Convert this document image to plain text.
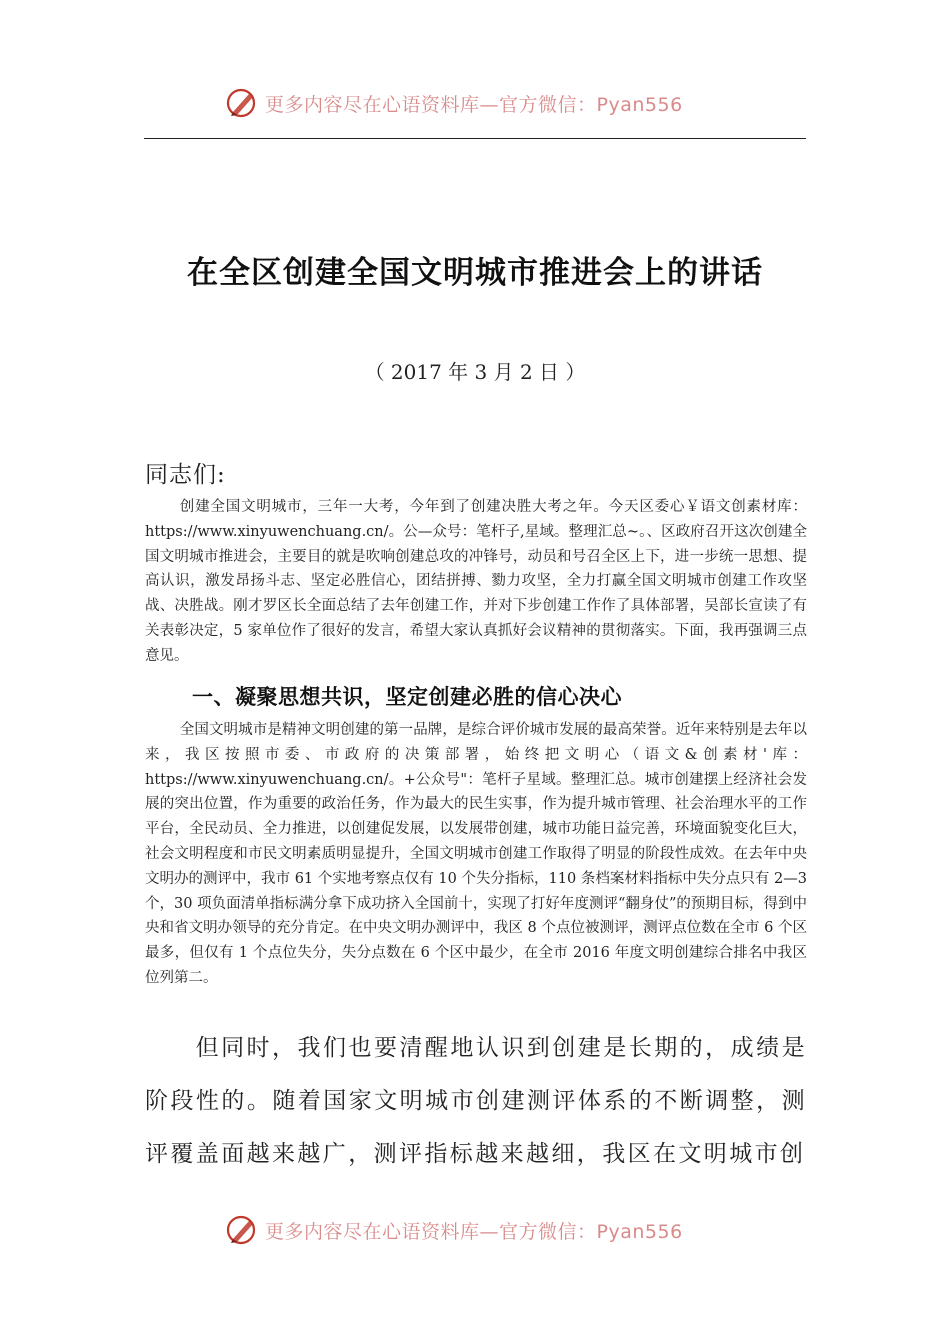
更多内容尽在心语资料库—官方微信：Pyan556
在全区创建全国文明城市推进会上的讲话
（ 2017 年 3 月 2 日 ）
同志们:

创建全国文明城市，三年一大考，今年到了创建决胜大考之年。今天区委心￥语文创素材库：https://www.xinyuwenchuang.cn/。公—众号：笔杆子,星域。整理汇总~。、区政府召开这次创建全国文明城市推进会，主要目的就是吹响创建总攻的冲锋号，动员和号召全区上下，进一步统一思想、提高认识，激发昂扬斗志、坚定必胜信心，团结拼搏、勠力攻坚，全力打赢全国文明城市创建工作攻坚战、决胜战。刚才罗区长全面总结了去年创建工作，并对下步创建工作作了具体部署，吴部长宣读了有关表彰决定，5 家单位作了很好的发言，希望大家认真抓好会议精神的贯彻落实。下面，我再强调三点意见。

一、凝聚思想共识，坚定创建必胜的信心决心

全国文明城市是精神文明创建的第一品牌，是综合评价城市发展的最高荣誉。近年来特别是去年以来，我区按照市委、市政府的决策部署，始终把文明心（语文&创素材'库：https://www.xinyuwenchuang.cn/。+公众号"：笔杆子星域。整理汇总。城市创建摆上经济社会发展的突出位置，作为重要的政治任务，作为最大的民生实事，作为提升城市管理、社会治理水平的工作平台，全民动员、全力推进，以创建促发展，以发展带创建，城市功能日益完善，环境面貌变化巨大，社会文明程度和市民文明素质明显提升，全国文明城市创建工作取得了明显的阶段性成效。在去年中央文明办的测评中，我市 61 个实地考察点仅有 10 个失分指标，110 条档案材料指标中失分点只有 2—3 个，30 项负面清单指标满分拿下成功挤入全国前十，实现了打好年度测评“翻身仗”的预期目标，得到中央和省文明办领导的充分肯定。在中央文明办测评中，我区 8 个点位被测评，测评点位数在全市 6 个区最多，但仅有 1 个点位失分，失分点数在 6 个区中最少，在全市 2016 年度文明创建综合排名中我区位列第二。

但同时，我们也要清醒地认识到创建是长期的，成绩是阶段性的。随着国家文明城市创建测评体系的不断调整，测评覆盖面越来越广，测评指标越来越细，我区在文明城市创

更多内容尽在心语资料库—官方微信：Pyan556
